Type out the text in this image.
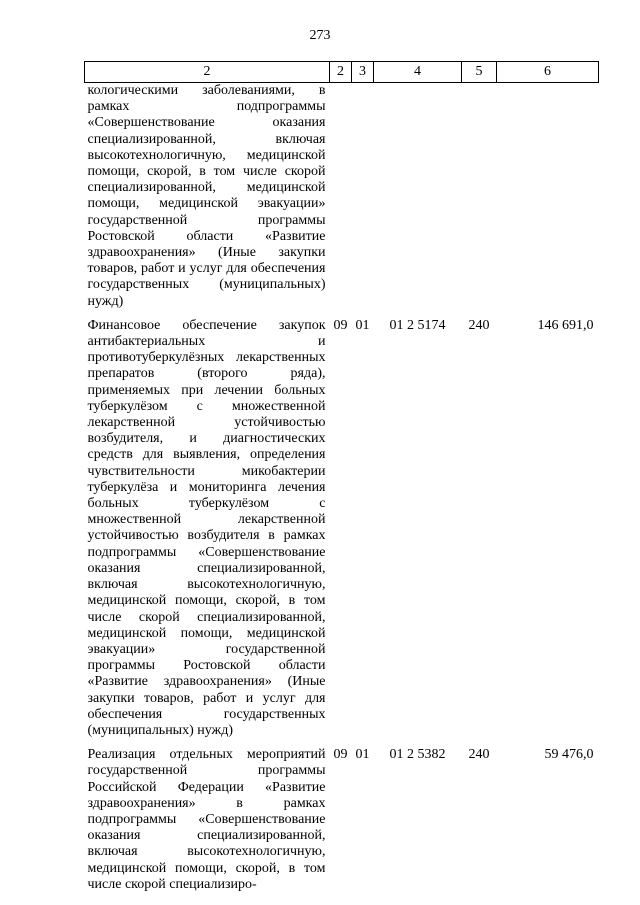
273
2	2	3	4	5	6
кологическими заболеваниями, в рамках подпрограммы «Совершенствование оказания специализированной, включая высокотехнологичную, медицинской помощи, скорой, в том числе скорой специализированной, медицинской помощи, медицинской эвакуации» государственной программы Ростовской области «Развитие здравоохранения» (Иные закупки товаров, работ и услуг для обеспечения государственных (муниципальных) нужд)					

Финансовое обеспечение закупок антибактериальных и противотуберкулёзных лекарственных препаратов (второго ряда), применяемых при лечении больных туберкулёзом с множественной лекарственной устойчивостью возбудителя, и диагностических средств для выявления, определения чувствительности микобактерии туберкулёза и мониторинга лечения больных туберкулёзом с множественной лекарственной устойчивостью возбудителя в рамках подпрограммы «Совершенствование оказания специализированной, включая высокотехнологичную, медицинской помощи, скорой, в том числе скорой специализированной, медицинской помощи, медицинской эвакуации» государственной программы Ростовской области «Развитие здравоохранения» (Иные закупки товаров, работ и услуг для обеспечения государственных (муниципальных) нужд)	09	01	01 2 5174	240	146 691,0

Реализация отдельных мероприятий государственной программы Российской Федерации «Развитие здравоохранения» в рамках подпрограммы «Совершенствование оказания специализированной, включая высокотехнологичную, медицинской помощи, скорой, в том числе скорой специализиро-	09	01	01 2 5382	240	59 476,0
